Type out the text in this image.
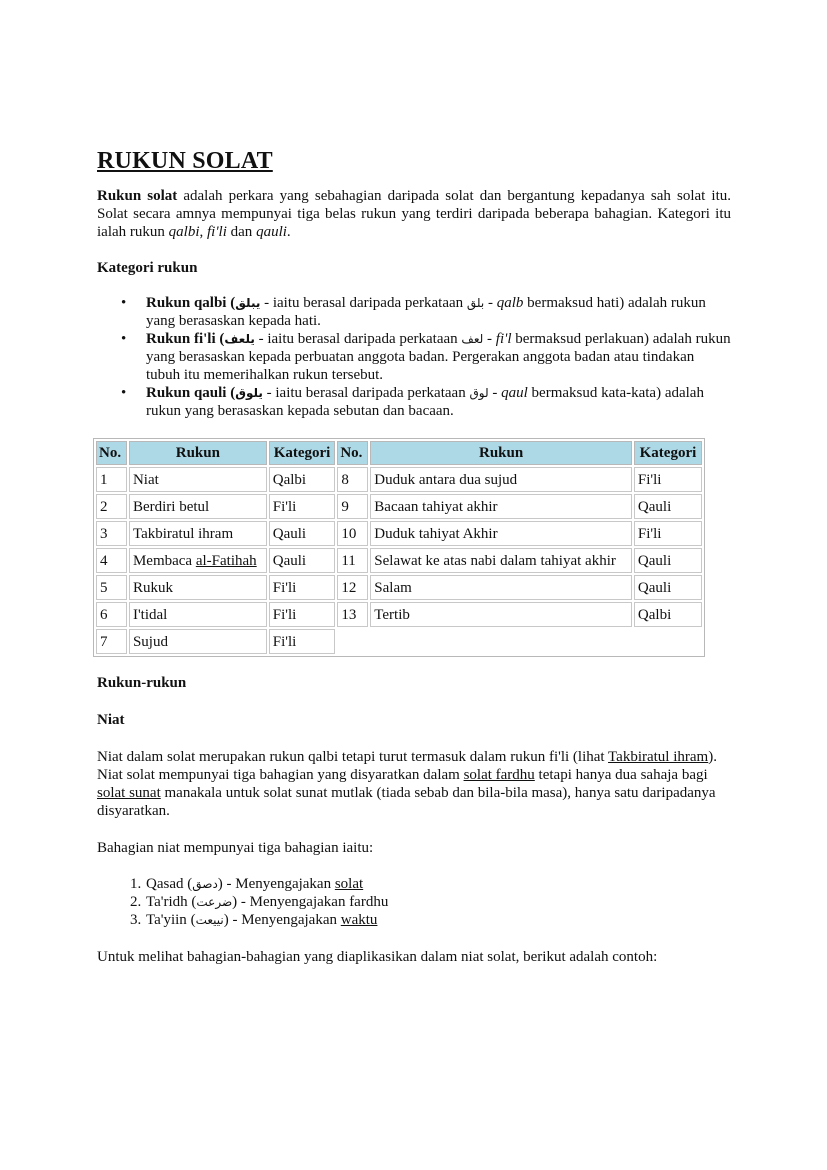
RUKUN SOLAT

Rukun solat adalah perkara yang sebahagian daripada solat dan bergantung kepadanya sah solat itu. Solat secara amnya mempunyai tiga belas rukun yang terdiri daripada beberapa bahagian. Kategori itu ialah rukun qalbi, fi'li dan qauli.

Kategori rukun

• Rukun qalbi (يبلق - iaitu berasal daripada perkataan بلق - qalb bermaksud hati) adalah rukun yang berasaskan kepada hati.
• Rukun fi'li (يلعف - iaitu berasal daripada perkataan لعف - fi'l bermaksud perlakuan) adalah rukun yang berasaskan kepada perbuatan anggota badan. Pergerakan anggota badan atau tindakan tubuh itu memerihalkan rukun tersebut.
• Rukun qauli (يلوق - iaitu berasal daripada perkataan لوق - qaul bermaksud kata-kata) adalah rukun yang berasaskan kepada sebutan dan bacaan.
No.	Rukun	Kategori	No.	Rukun	Kategori
1	Niat	Qalbi	8	Duduk antara dua sujud	Fi'li
2	Berdiri betul	Fi'li	9	Bacaan tahiyat akhir	Qauli
3	Takbiratul ihram	Qauli	10	Duduk tahiyat Akhir	Fi'li
4	Membaca al-Fatihah	Qauli	11	Selawat ke atas nabi dalam tahiyat akhir	Qauli
5	Rukuk	Fi'li	12	Salam	Qauli
6	I'tidal	Fi'li	13	Tertib	Qalbi
7	Sujud	Fi'li			

Rukun-rukun

Niat

Niat dalam solat merupakan rukun qalbi tetapi turut termasuk dalam rukun fi'li (lihat Takbiratul ihram). Niat solat mempunyai tiga bahagian yang disyaratkan dalam solat fardhu tetapi hanya dua sahaja bagi solat sunat manakala untuk solat sunat mutlak (tiada sebab dan bila-bila masa), hanya satu daripadanya disyaratkan.

Bahagian niat mempunyai tiga bahagian iaitu:

1. Qasad (دصق) - Menyengajakan solat
2. Ta'ridh (ضرعت) - Menyengajakan fardhu
3. Ta'yiin (نييعت) - Menyengajakan waktu

Untuk melihat bahagian-bahagian yang diaplikasikan dalam niat solat, berikut adalah contoh:
